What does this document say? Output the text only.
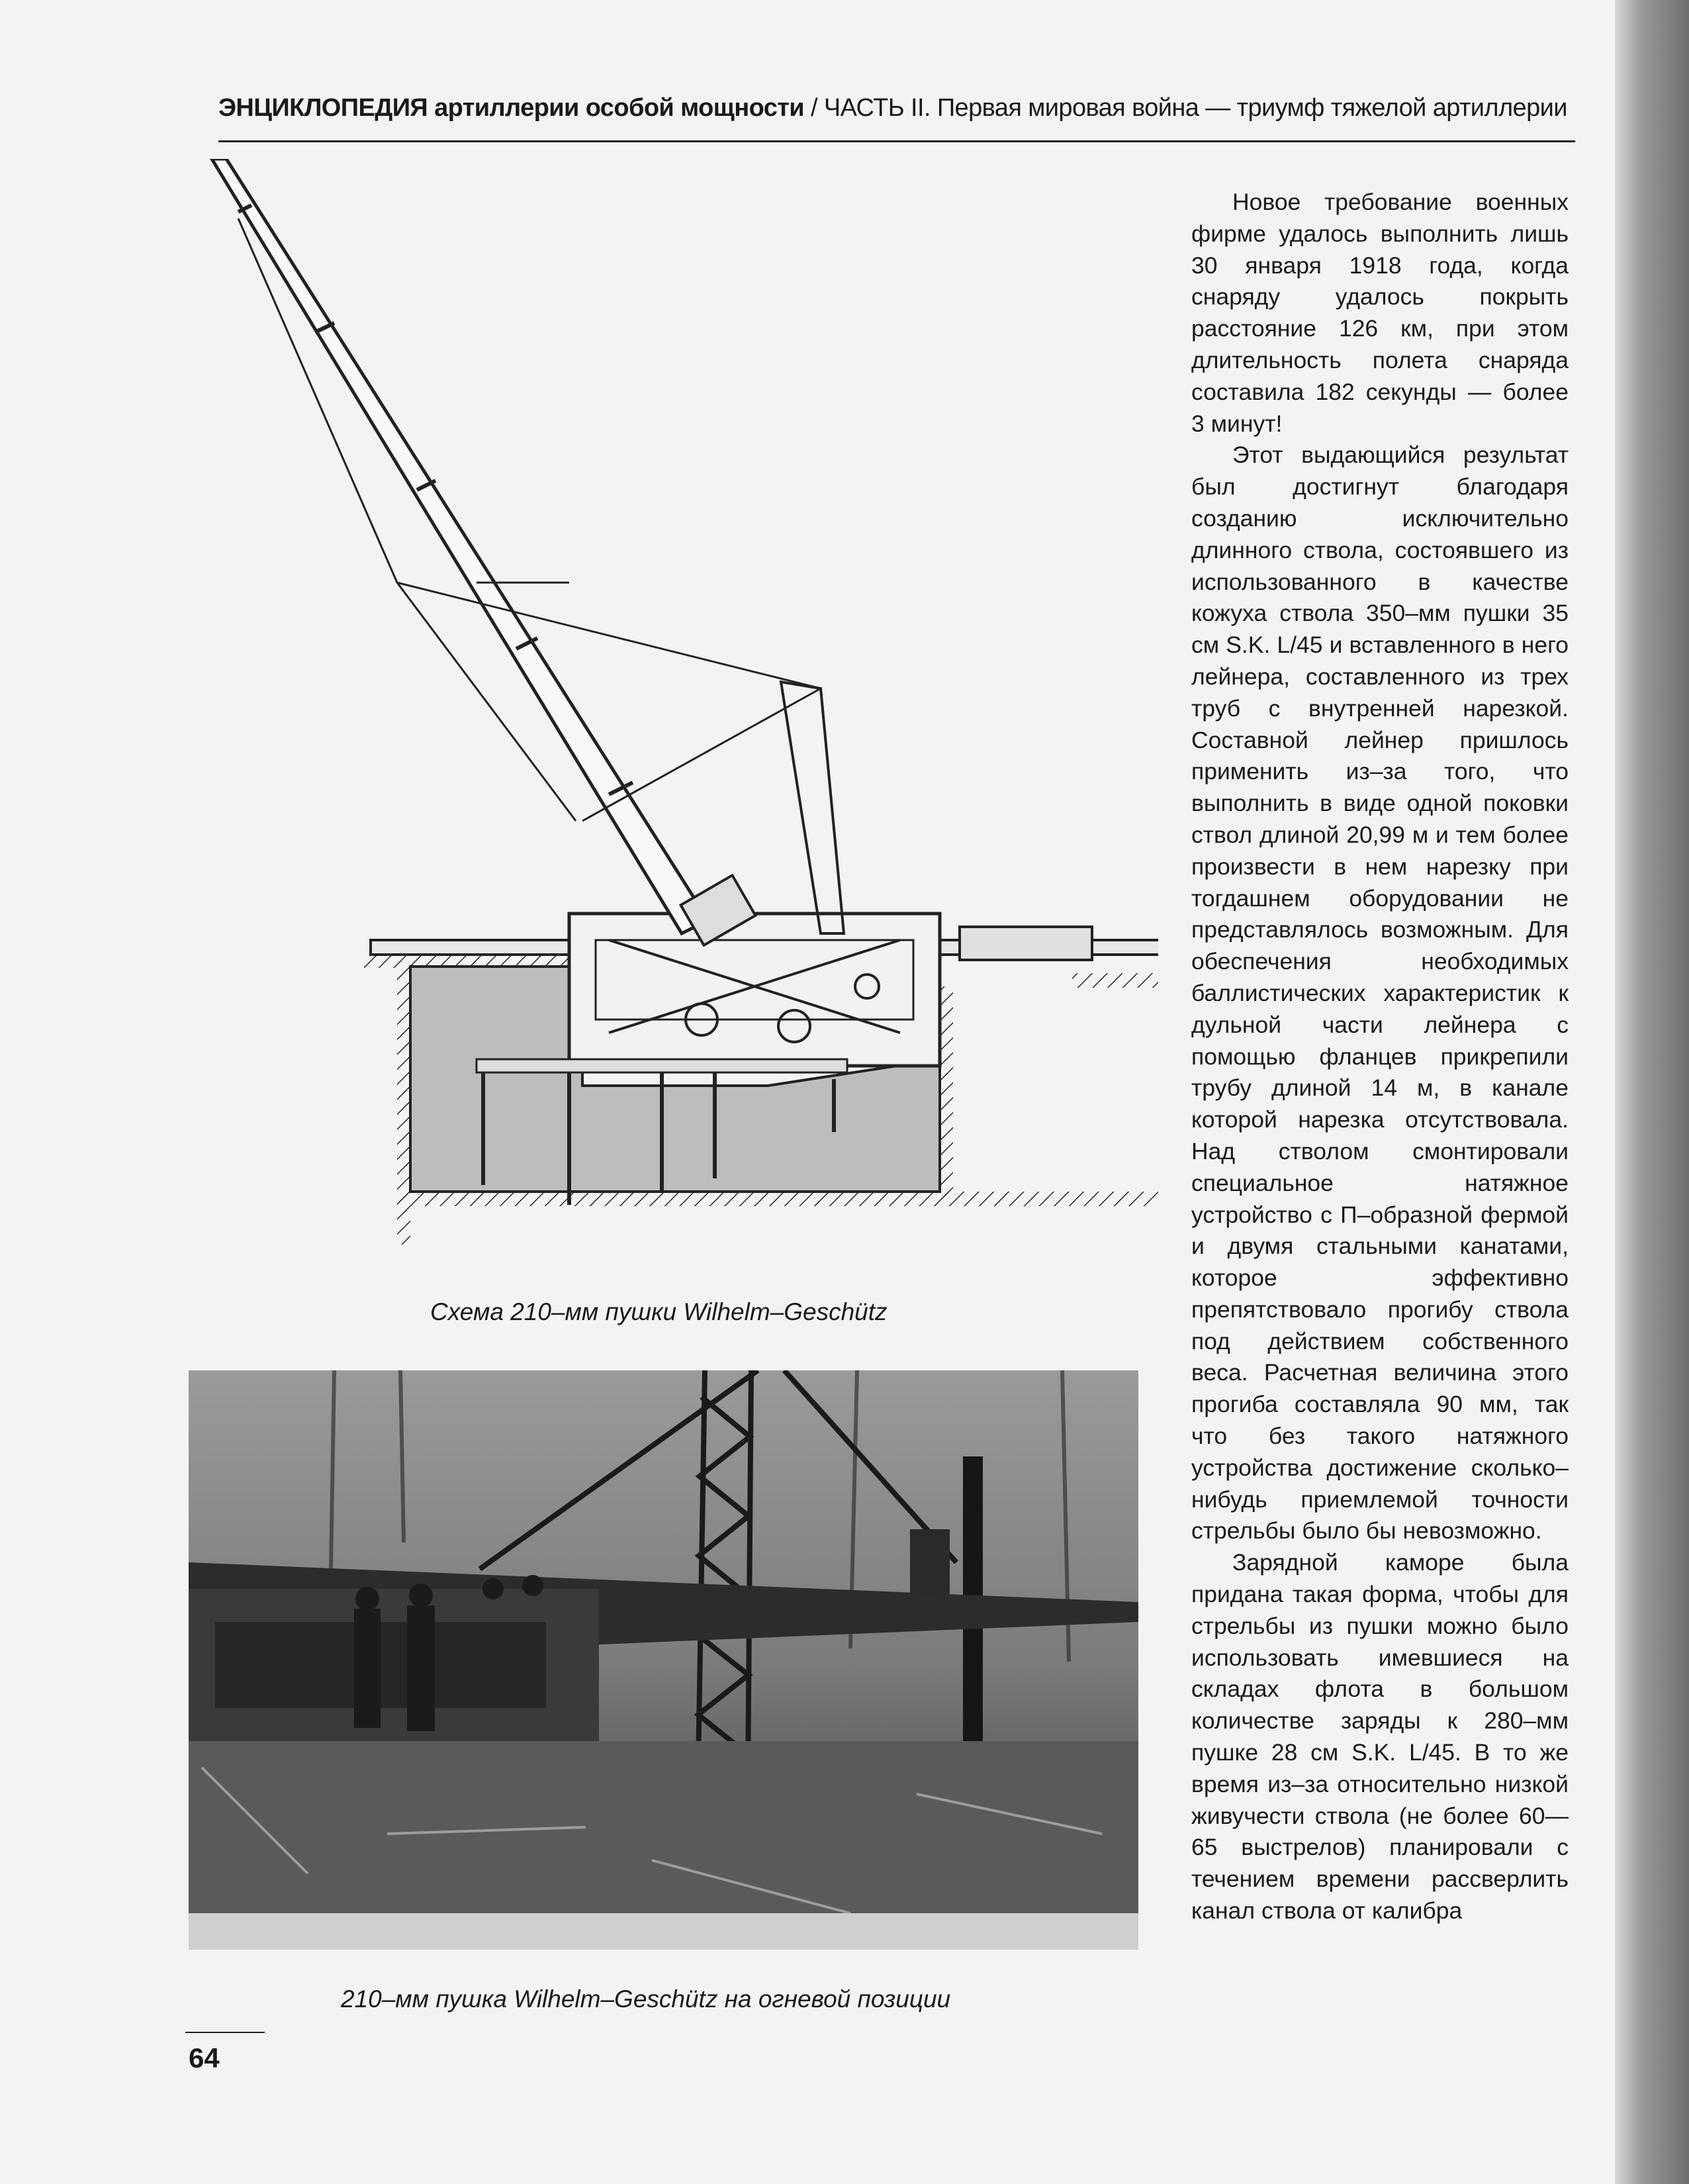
ЭНЦИКЛОПЕДИЯ артиллерии особой мощности / ЧАСТЬ II. Первая мировая война — триумф тяжелой артиллерии
Схема 210–мм пушки Wilhelm–Geschütz
210–мм пушка Wilhelm–Geschütz на огневой позиции

Новое требование военных фирме удалось выполнить лишь 30 января 1918 года, когда снаряду удалось покрыть расстояние 126 км, при этом длительность полета снаряда составила 182 секунды — более 3 минут!

Этот выдающийся результат был достигнут благодаря созданию исключительно длинного ствола, состоявшего из использованного в качестве кожуха ствола 350–мм пушки 35 см S.K. L/45 и вставленного в него лейнера, составленного из трех труб с внутренней нарезкой. Составной лейнер пришлось применить из–за того, что выполнить в виде одной поковки ствол длиной 20,99 м и тем более произвести в нем нарезку при тогдашнем оборудовании не представлялось возможным. Для обеспечения необходимых баллистических характеристик к дульной части лейнера с помощью фланцев прикрепили трубу длиной 14 м, в канале которой нарезка отсутствовала. Над стволом смонтировали специальное натяжное устройство с П–образной фермой и двумя стальными канатами, которое эффективно препятствовало прогибу ствола под действием собственного веса. Расчетная величина этого прогиба составляла 90 мм, так что без такого натяжного устройства достижение сколько–нибудь приемлемой точности стрельбы было бы невозможно.

Зарядной каморе была придана такая форма, чтобы для стрельбы из пушки можно было использовать имевшиеся на складах флота в большом количестве заряды к 280–мм пушке 28 см S.K. L/45. В то же время из–за относительно низкой живучести ствола (не более 60—65 выстрелов) планировали с течением времени рассверлить канал ствола от калибра

64
